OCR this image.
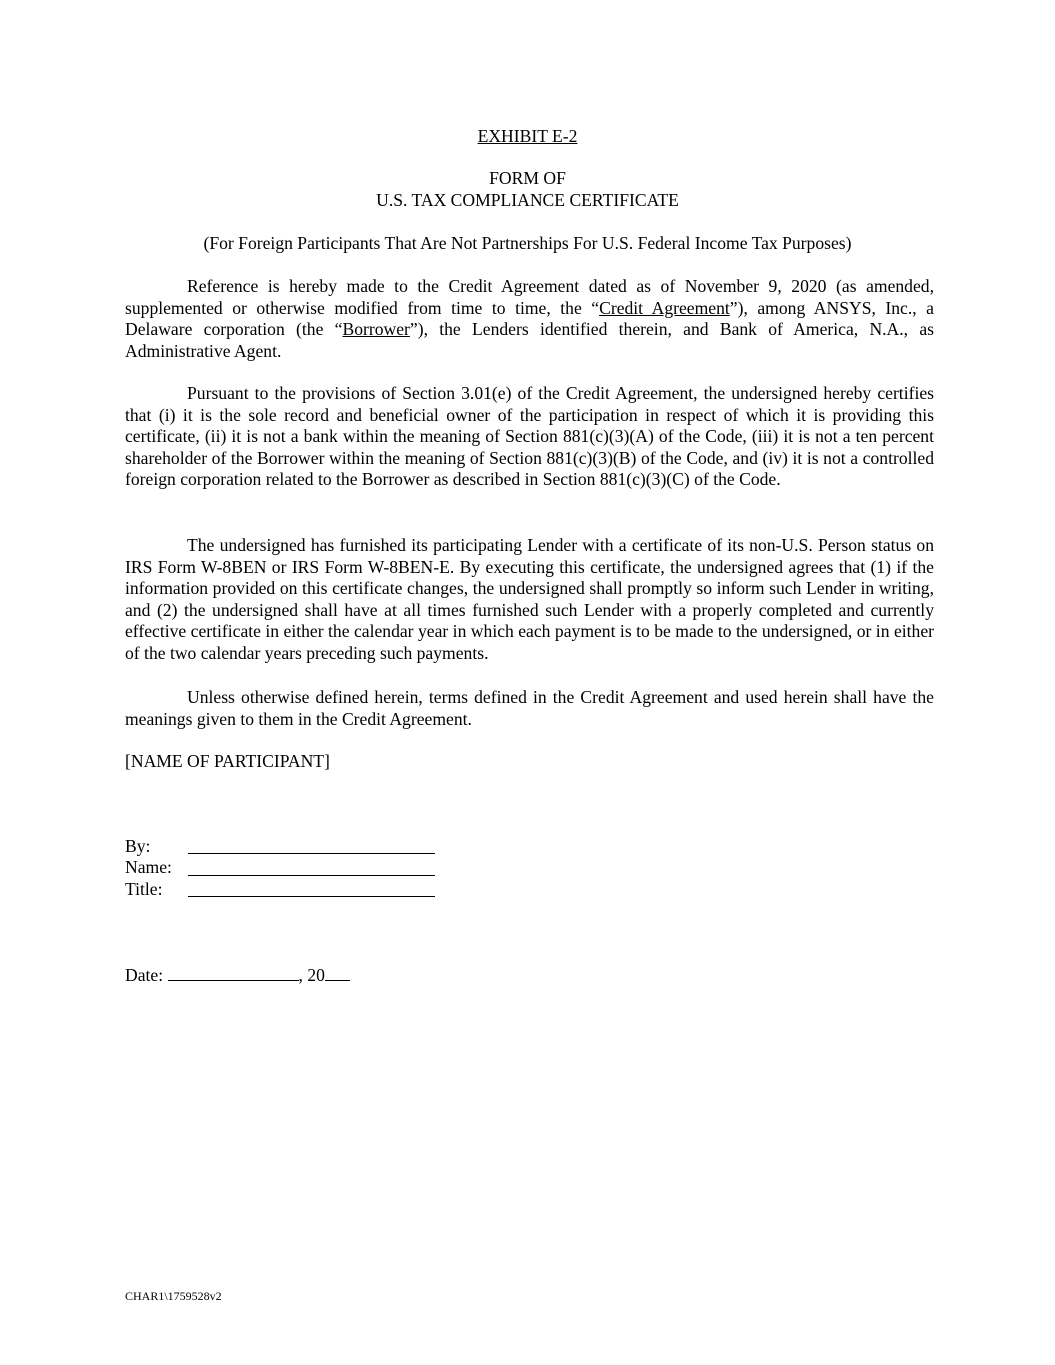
EXHIBIT E-2
FORM OF
U.S. TAX COMPLIANCE CERTIFICATE
(For Foreign Participants That Are Not Partnerships For U.S. Federal Income Tax Purposes)

Reference is hereby made to the Credit Agreement dated as of November 9, 2020 (as amended, supplemented or otherwise modified from time to time, the “Credit Agreement”), among ANSYS, Inc., a Delaware corporation (the “Borrower”), the Lenders identified therein, and Bank of America, N.A., as Administrative Agent.

Pursuant to the provisions of Section 3.01(e) of the Credit Agreement, the undersigned hereby certifies that (i) it is the sole record and beneficial owner of the participation in respect of which it is providing this certificate, (ii) it is not a bank within the meaning of Section 881(c)(3)(A) of the Code, (iii) it is not a ten percent shareholder of the Borrower within the meaning of Section 881(c)(3)(B) of the Code, and (iv) it is not a controlled foreign corporation related to the Borrower as described in Section 881(c)(3)(C) of the Code.

The undersigned has furnished its participating Lender with a certificate of its non-U.S. Person status on IRS Form W-8BEN or IRS Form W-8BEN-E. By executing this certificate, the undersigned agrees that (1) if the information provided on this certificate changes, the undersigned shall promptly so inform such Lender in writing, and (2) the undersigned shall have at all times furnished such Lender with a properly completed and currently effective certificate in either the calendar year in which each payment is to be made to the undersigned, or in either of the two calendar years preceding such payments.

Unless otherwise defined herein, terms defined in the Credit Agreement and used herein shall have the meanings given to them in the Credit Agreement.

[NAME OF PARTICIPANT]
By:
Name:
Title:
Date:	, 20
CHAR1\1759528v2
